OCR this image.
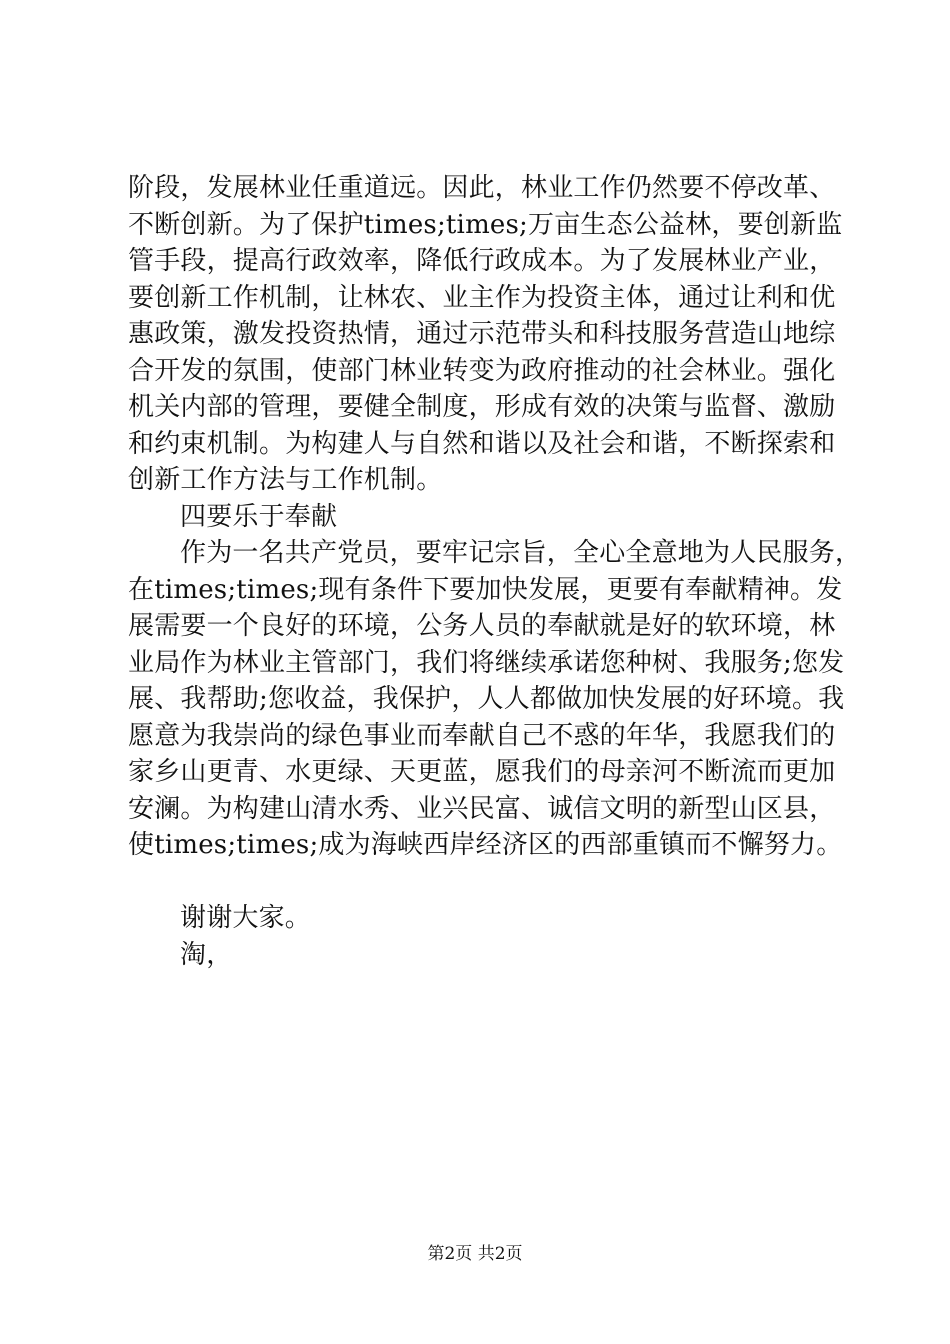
阶段，发展林业任重道远。因此，林业工作仍然要不停改革、
不断创新。为了保护times;times;万亩生态公益林，要创新监
管手段，提高行政效率，降低行政成本。为了发展林业产业，
要创新工作机制，让林农、业主作为投资主体，通过让利和优
惠政策，激发投资热情，通过示范带头和科技服务营造山地综
合开发的氛围，使部门林业转变为政府推动的社会林业。强化
机关内部的管理，要健全制度，形成有效的决策与监督、激励
和约束机制。为构建人与自然和谐以及社会和谐，不断探索和
创新工作方法与工作机制。
四要乐于奉献
作为一名共产党员，要牢记宗旨，全心全意地为人民服务，
在times;times;现有条件下要加快发展，更要有奉献精神。发
展需要一个良好的环境，公务人员的奉献就是好的软环境，林
业局作为林业主管部门，我们将继续承诺您种树、我服务;您发
展、我帮助;您收益，我保护，人人都做加快发展的好环境。我
愿意为我崇尚的绿色事业而奉献自己不惑的年华，我愿我们的
家乡山更青、水更绿、天更蓝，愿我们的母亲河不断流而更加
安澜。为构建山清水秀、业兴民富、诚信文明的新型山区县，
使times;times;成为海峡西岸经济区的西部重镇而不懈努力。
谢谢大家。
淘，
第2页 共2页
